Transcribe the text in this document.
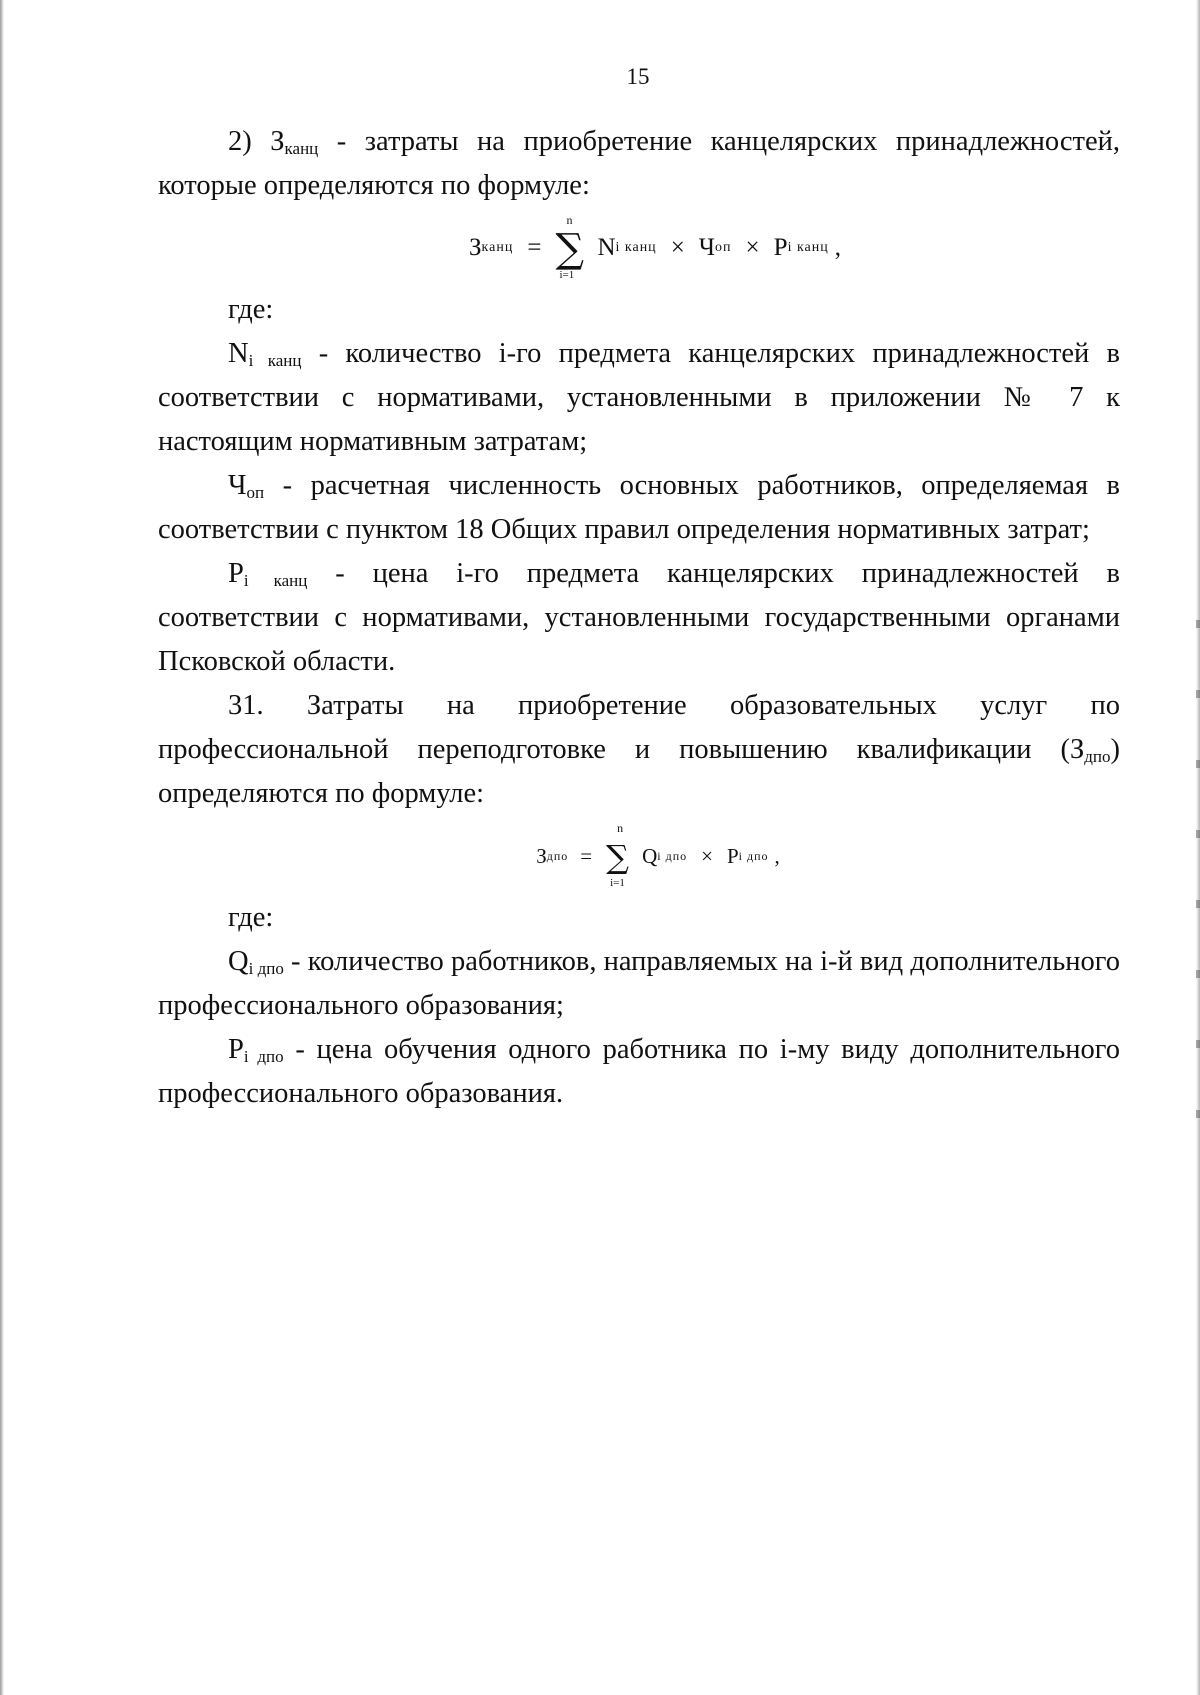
15

2) $З_{канц}$ - затраты на приобретение канцелярских принадлежностей, которые определяются по формуле:

З канц =
n
∑
i=1
N i канц × Ч оп × P i канц ,

где:

$N_{i канц}$ - количество i-го предмета канцелярских принадлежностей в соответствии с нормативами, установленными в приложении № 7 к настоящим нормативным затратам;

$Ч_{оп}$ - расчетная численность основных работников, определяемая в соответствии с пунктом 18 Общих правил определения нормативных затрат;

$P_{i канц}$ - цена i-го предмета канцелярских принадлежностей в соответствии с нормативами, установленными государственными органами Псковской области.

31. Затраты на приобретение образовательных услуг по профессиональной переподготовке и повышению квалификации $(З_{дпо})$ определяются по формуле:

З дпо =
n
∑
i=1
Q i дпо × P i дпо ,

где:

$Q_{i дпо}$ - количество работников, направляемых на i-й вид дополнительного профессионального образования;

$P_{i дпо}$ - цена обучения одного работника по i-му виду дополнительного профессионального образования.
